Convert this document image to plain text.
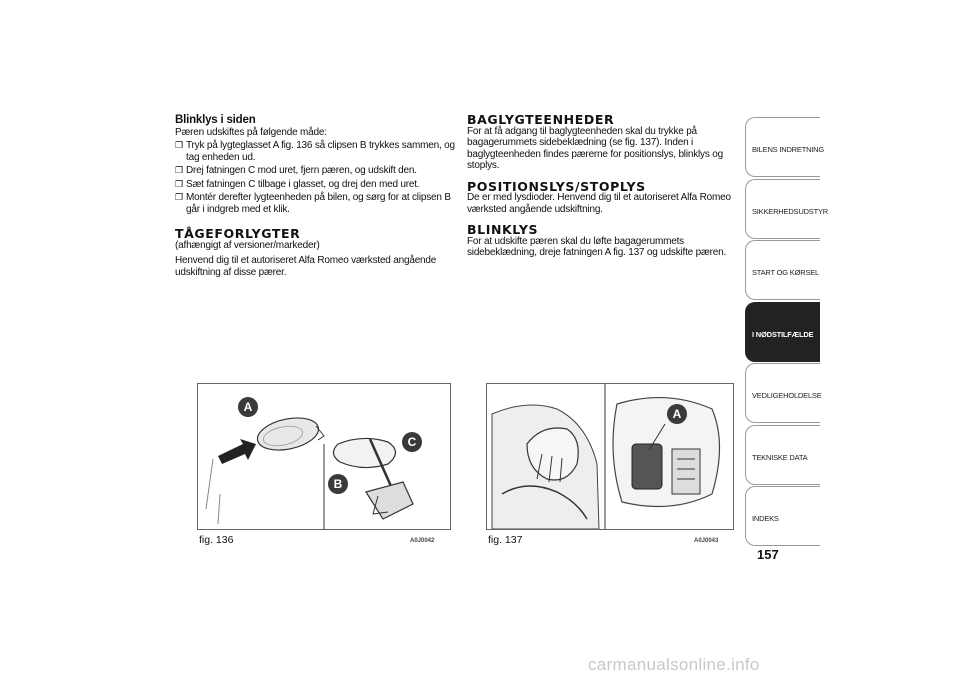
Blinklys i siden

Pæren udskiftes på følgende måde:

❒ Tryk på lygteglasset A fig. 136 så clipsen B trykkes sammen, og tag enheden ud.
❒ Drej fatningen C mod uret, fjern pæren, og udskift den.
❒ Sæt fatningen C tilbage i glasset, og drej den med uret.
❒ Montér derefter lygteenheden på bilen, og sørg for at clipsen B går i indgreb med et klik.

TÅGEFORLYGTER

(afhængigt af versioner/markeder)

Henvend dig til et autoriseret Alfa Romeo værksted angående udskiftning af disse pærer.

BAGLYGTEENHEDER

For at få adgang til baglygteenheden skal du trykke på bagagerummets sidebeklædning (se fig. 137). Inden i baglygteenheden findes pærerne for positionslys, blinklys og stoplys.

POSITIONSLYS/STOPLYS

De er med lysdioder. Henvend dig til et autoriseret Alfa Romeo værksted angående udskiftning.

BLINKLYS

For at udskifte pæren skal du løfte bagagerummets sidebeklædning, dreje fatningen A fig. 137 og udskifte pæren.

BILENS INDRETNING
SIKKERHEDSUDSTYR
START OG KØRSEL
I NØDSTILFÆLDE
VEDLIGEHOLDELSE
TEKNISKE DATA
INDEKS
A
C
B
fig. 136	A0J0042
A
fig. 137	A0J0043
157
carmanualsonline.info
